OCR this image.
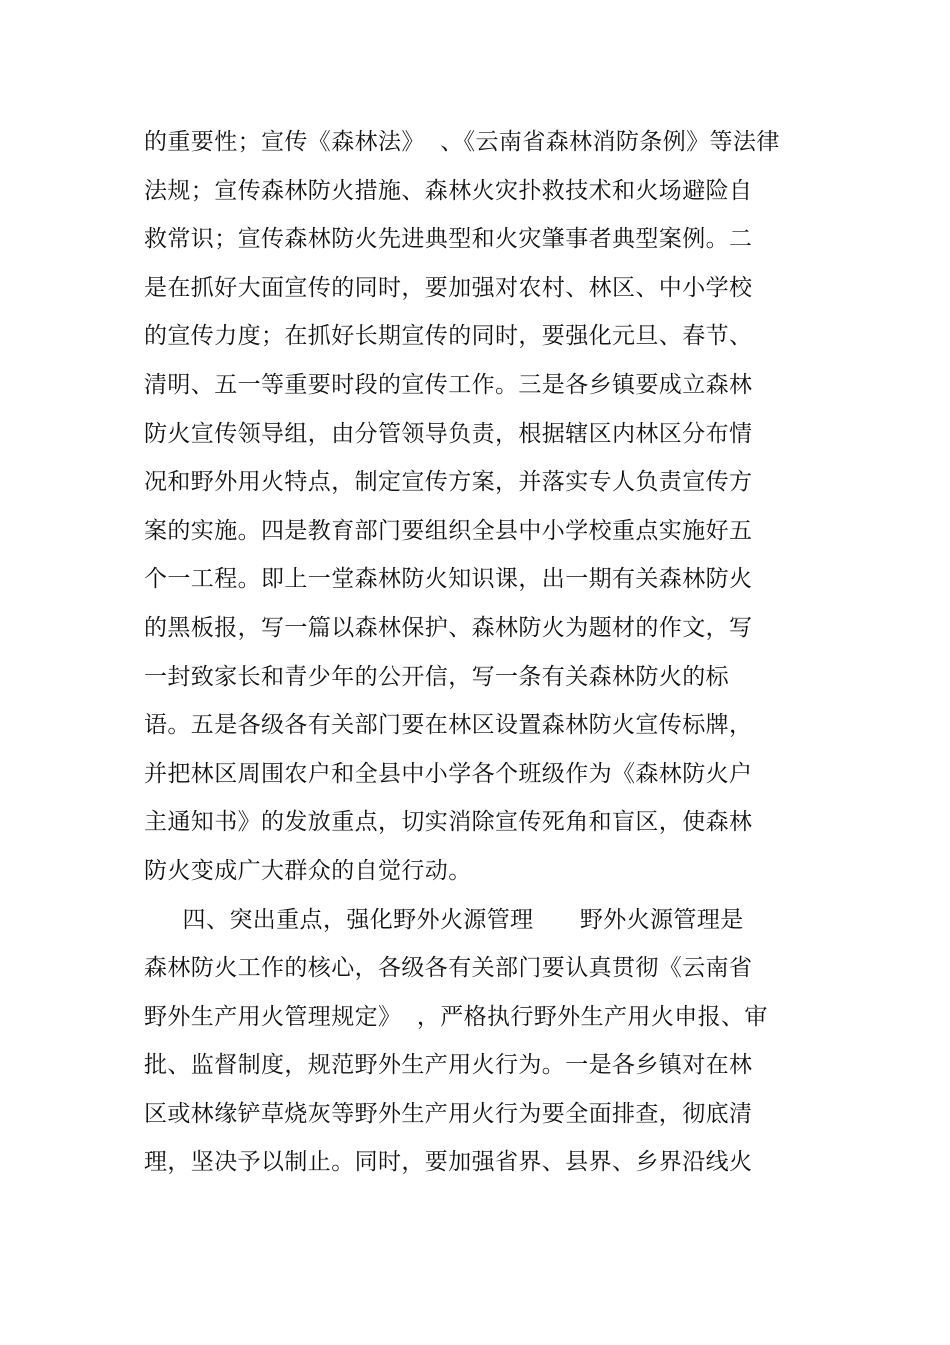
的重要性；宣传《森林法》  、《云南省森林消防条例》等法律
法规；宣传森林防火措施、森林火灾扑救技术和火场避险自
救常识；宣传森林防火先进典型和火灾肇事者典型案例。二
是在抓好大面宣传的同时，要加强对农村、林区、中小学校
的宣传力度；在抓好长期宣传的同时，要强化元旦、春节、
清明、五一等重要时段的宣传工作。三是各乡镇要成立森林
防火宣传领导组，由分管领导负责，根据辖区内林区分布情
况和野外用火特点，制定宣传方案，并落实专人负责宣传方
案的实施。四是教育部门要组织全县中小学校重点实施好五
个一工程。即上一堂森林防火知识课，出一期有关森林防火
的黑板报，写一篇以森林保护、森林防火为题材的作文，写
一封致家长和青少年的公开信，写一条有关森林防火的标
语。五是各级各有关部门要在林区设置森林防火宣传标牌，
并把林区周围农户和全县中小学各个班级作为《森林防火户
主通知书》的发放重点，切实消除宣传死角和盲区，使森林
防火变成广大群众的自觉行动。
四、突出重点，强化野外火源管理      野外火源管理是
森林防火工作的核心，各级各有关部门要认真贯彻《云南省
野外生产用火管理规定》  ，严格执行野外生产用火申报、审
批、监督制度，规范野外生产用火行为。一是各乡镇对在林
区或林缘铲草烧灰等野外生产用火行为要全面排查，彻底清
理，坚决予以制止。同时，要加强省界、县界、乡界沿线火
